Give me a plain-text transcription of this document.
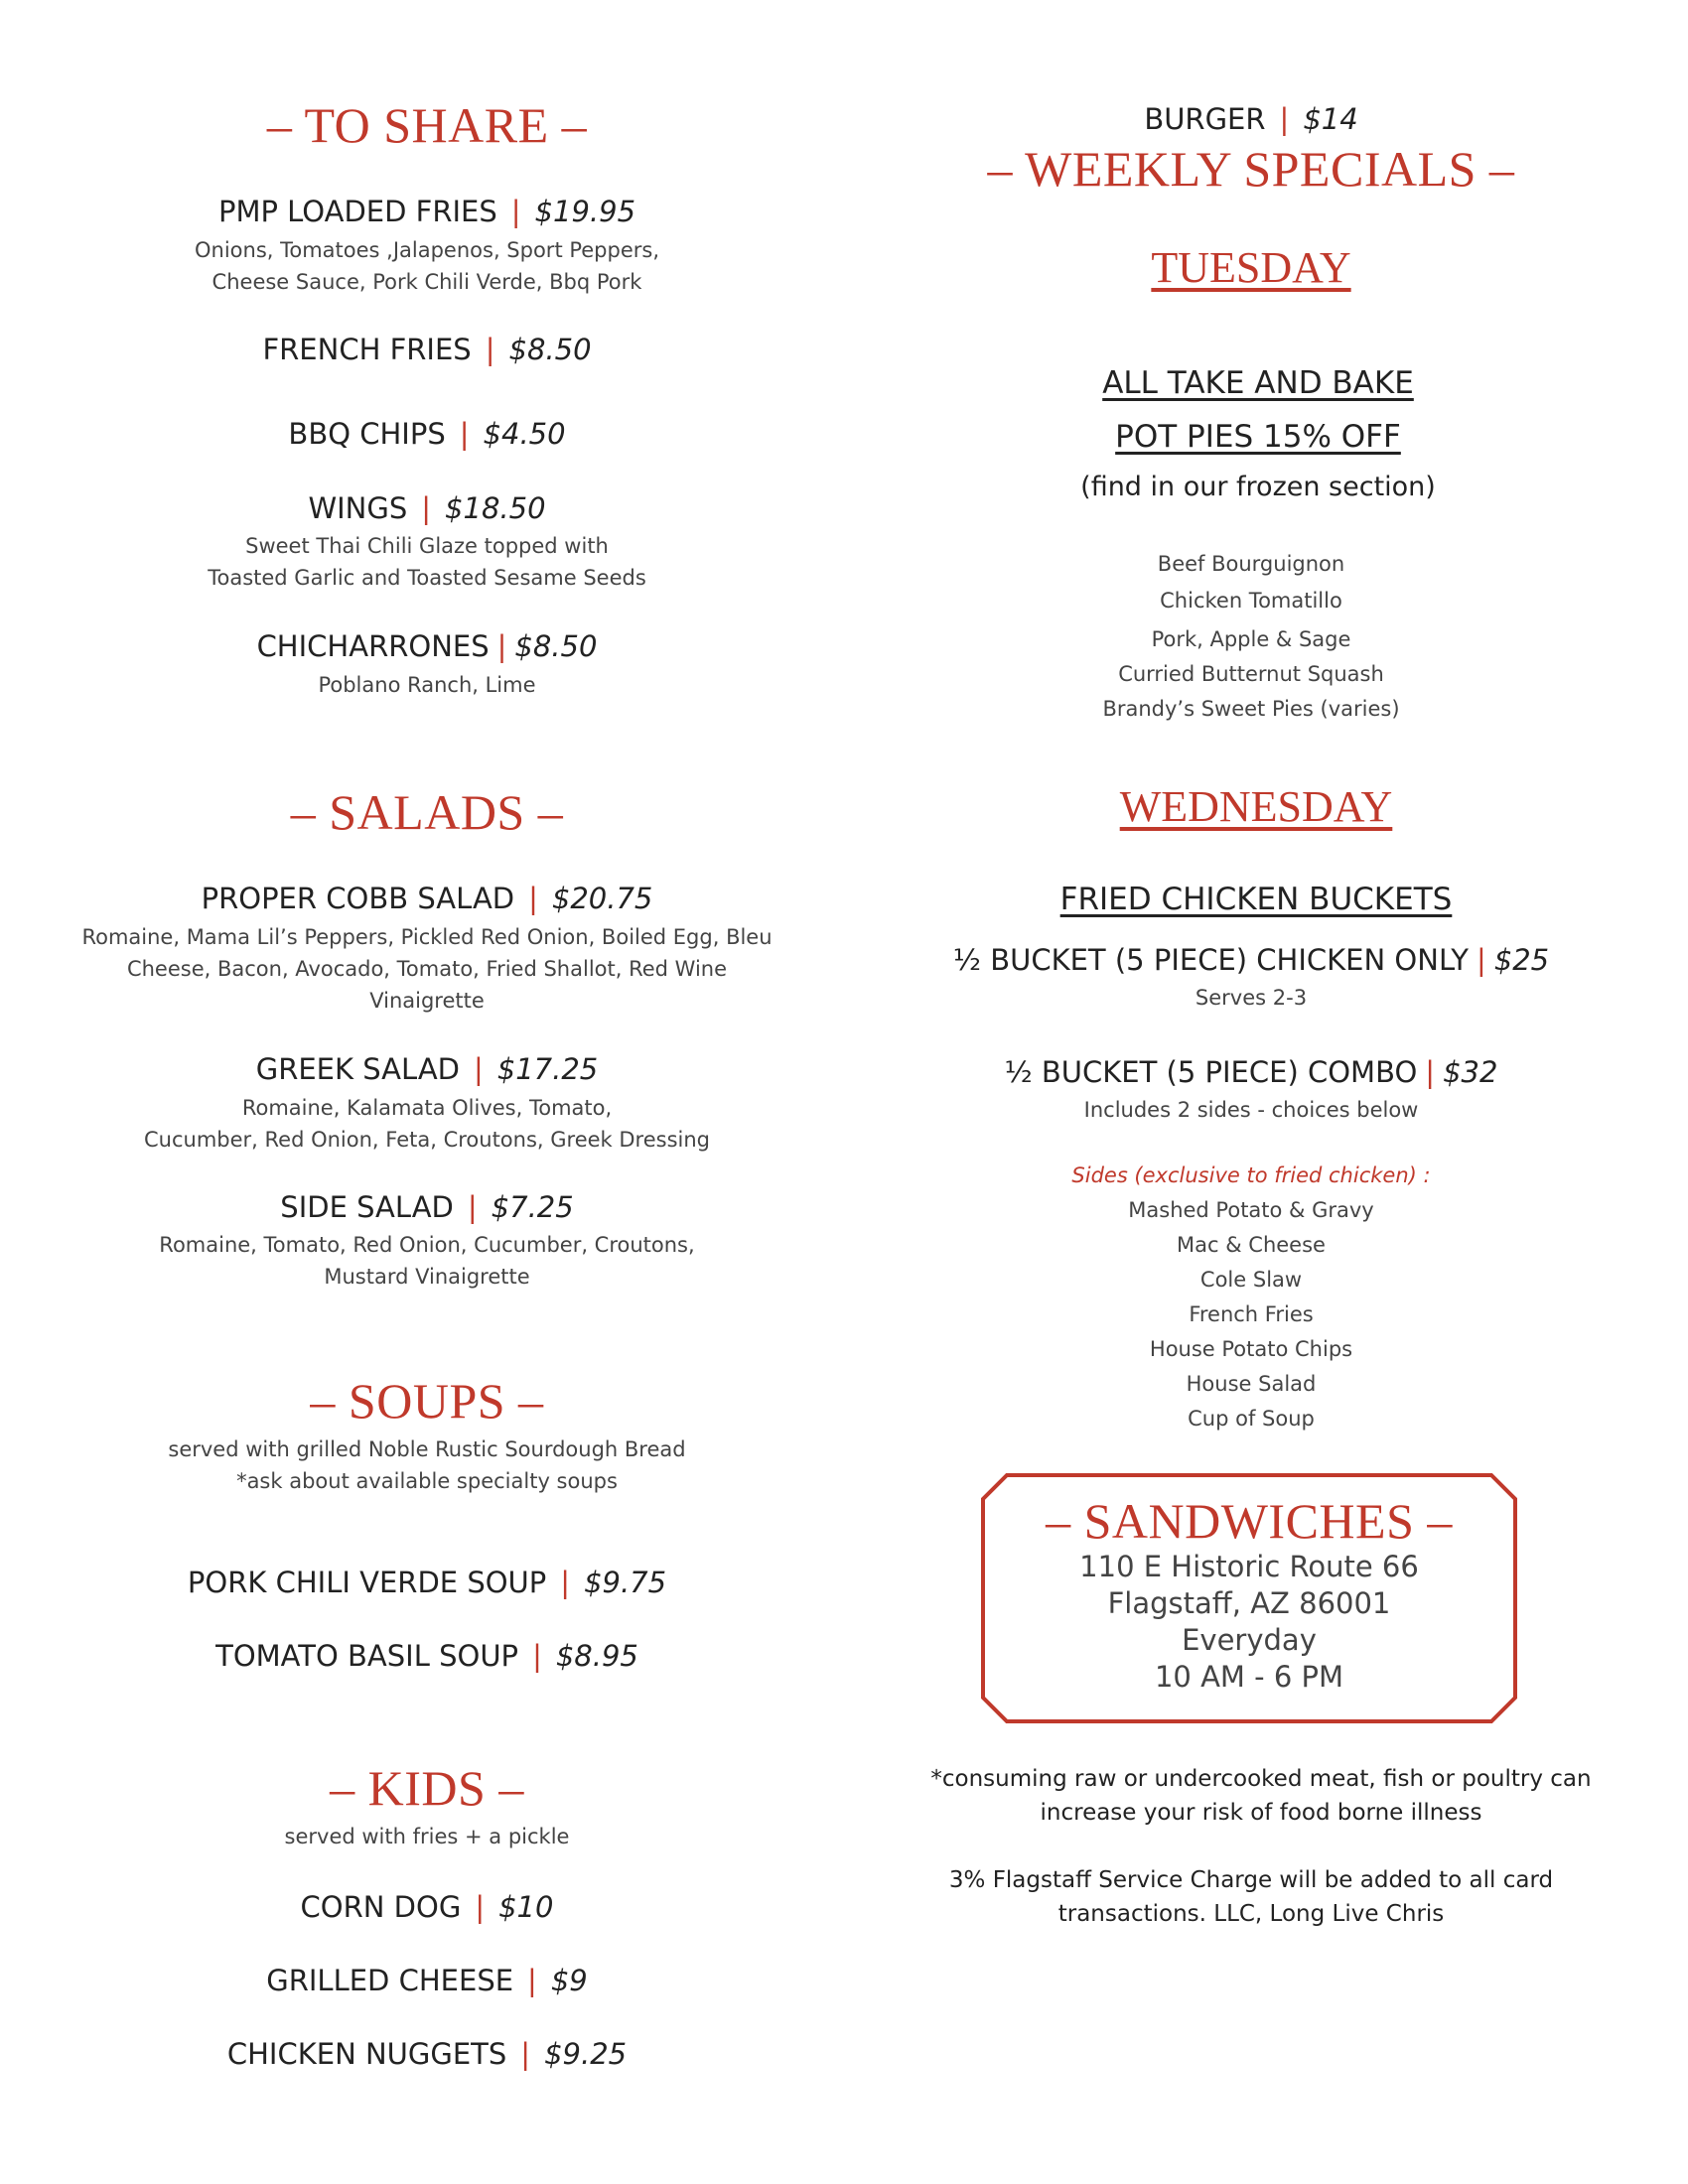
– TO SHARE –
PMP LOADED FRIES | $19.95
Onions, Tomatoes ,Jalapenos, Sport Peppers,
Cheese Sauce, Pork Chili Verde, Bbq Pork
FRENCH FRIES | $8.50
BBQ CHIPS | $4.50
WINGS | $18.50
Sweet Thai Chili Glaze topped with
Toasted Garlic and Toasted Sesame Seeds
CHICHARRONES | $8.50
Poblano Ranch, Lime
– SALADS –
PROPER COBB SALAD | $20.75
Romaine, Mama Lil’s Peppers, Pickled Red Onion, Boiled Egg, Bleu
Cheese, Bacon, Avocado, Tomato, Fried Shallot, Red Wine
Vinaigrette
GREEK SALAD | $17.25
Romaine, Kalamata Olives, Tomato,
Cucumber, Red Onion, Feta, Croutons, Greek Dressing
SIDE SALAD | $7.25
Romaine, Tomato, Red Onion, Cucumber, Croutons,
Mustard Vinaigrette
– SOUPS –
served with grilled Noble Rustic Sourdough Bread
*ask about available specialty soups
PORK CHILI VERDE SOUP | $9.75
TOMATO BASIL SOUP | $8.95
– KIDS –
served with fries + a pickle
CORN DOG | $10
GRILLED CHEESE | $9
CHICKEN NUGGETS | $9.25
BURGER | $14
– WEEKLY SPECIALS –
TUESDAY
ALL TAKE AND BAKE
POT PIES 15% OFF
(find in our frozen section)
Beef Bourguignon
Chicken Tomatillo
Pork, Apple & Sage
Curried Butternut Squash
Brandy’s Sweet Pies (varies)
WEDNESDAY
FRIED CHICKEN BUCKETS
½ BUCKET (5 PIECE) CHICKEN ONLY | $25
Serves 2-3
½ BUCKET (5 PIECE) COMBO | $32
Includes 2 sides - choices below
Sides (exclusive to fried chicken) :
Mashed Potato & Gravy
Mac & Cheese
Cole Slaw
French Fries
House Potato Chips
House Salad
Cup of Soup
– SANDWICHES –
110 E Historic Route 66
Flagstaff, AZ 86001
Everyday
10 AM - 6 PM
*consuming raw or undercooked meat, fish or poultry can
increase your risk of food borne illness
3% Flagstaff Service Charge will be added to all card
transactions. LLC, Long Live Chris
